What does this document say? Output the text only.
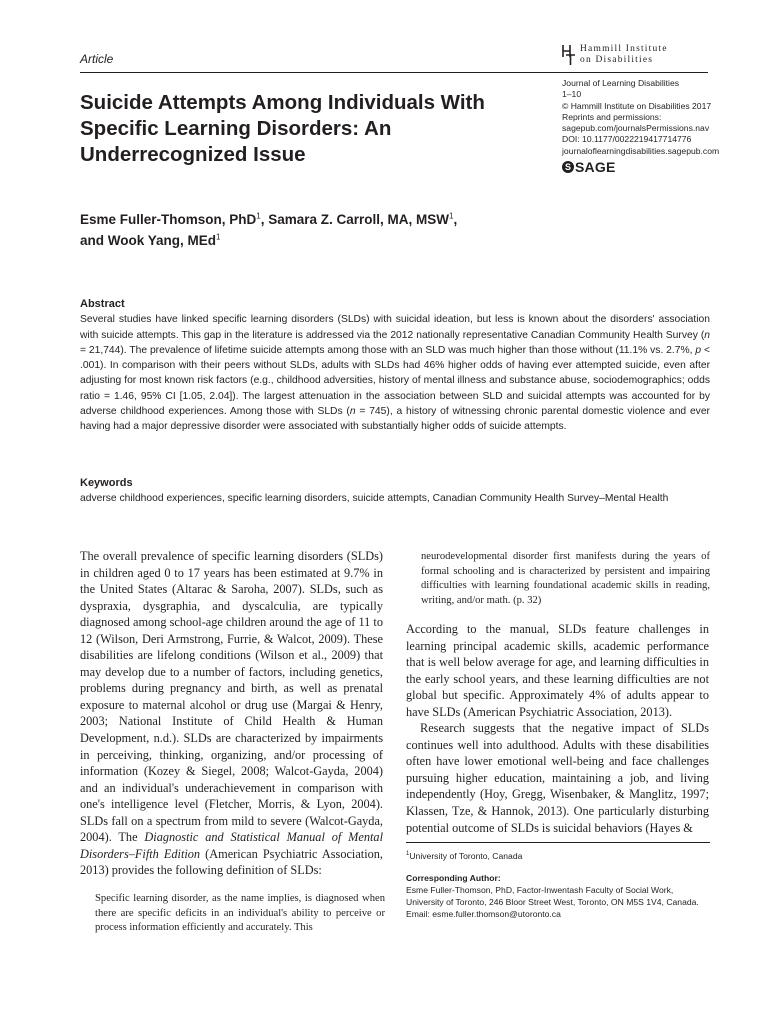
Article
Hammill Institute
on Disabilities
Journal of Learning Disabilities
1–10
© Hammill Institute on Disabilities 2017
Reprints and permissions:
sagepub.com/journalsPermissions.nav
DOI: 10.1177/0022219417714776
journaloflearningdisabilities.sagepub.com
S SAGE
Suicide Attempts Among Individuals With Specific Learning Disorders: An Underrecognized Issue
Esme Fuller-Thomson, PhD$^1$, Samara Z. Carroll, MA, MSW$^1$,
and Wook Yang, MEd$^1$
Abstract
Several studies have linked specific learning disorders (SLDs) with suicidal ideation, but less is known about the disorders' association with suicide attempts. This gap in the literature is addressed via the 2012 nationally representative Canadian Community Health Survey (n = 21,744). The prevalence of lifetime suicide attempts among those with an SLD was much higher than those without (11.1% vs. 2.7%, p < .001). In comparison with their peers without SLDs, adults with SLDs had 46% higher odds of having ever attempted suicide, even after adjusting for most known risk factors (e.g., childhood adversities, history of mental illness and substance abuse, sociodemographics; odds ratio = 1.46, 95% CI [1.05, 2.04]). The largest attenuation in the association between SLD and suicidal attempts was accounted for by adverse childhood experiences. Among those with SLDs (n = 745), a history of witnessing chronic parental domestic violence and ever having had a major depressive disorder were associated with substantially higher odds of suicide attempts.
Keywords
adverse childhood experiences, specific learning disorders, suicide attempts, Canadian Community Health Survey–Mental Health

The overall prevalence of specific learning disorders (SLDs) in children aged 0 to 17 years has been estimated at 9.7% in the United States (Altarac & Saroha, 2007). SLDs, such as dyspraxia, dysgraphia, and dyscalculia, are typically diagnosed among school-age children around the age of 11 to 12 (Wilson, Deri Armstrong, Furrie, & Walcot, 2009). These disabilities are lifelong conditions (Wilson et al., 2009) that may develop due to a number of factors, including genetics, problems during pregnancy and birth, as well as prenatal exposure to maternal alcohol or drug use (Margai & Henry, 2003; National Institute of Child Health & Human Development, n.d.). SLDs are characterized by impairments in perceiving, thinking, organizing, and/or processing of information (Kozey & Siegel, 2008; Walcot-Gayda, 2004) and an individual's underachievement in comparison with one's intelligence level (Fletcher, Morris, & Lyon, 2004). SLDs fall on a spectrum from mild to severe (Walcot-Gayda, 2004). The Diagnostic and Statistical Manual of Mental Disorders–Fifth Edition (American Psychiatric Association, 2013) provides the following definition of SLDs:

Specific learning disorder, as the name implies, is diagnosed when there are specific deficits in an individual's ability to perceive or process information efficiently and accurately. This
neurodevelopmental disorder first manifests during the years of formal schooling and is characterized by persistent and impairing difficulties with learning foundational academic skills in reading, writing, and/or math. (p. 32)

According to the manual, SLDs feature challenges in learning principal academic skills, academic performance that is well below average for age, and learning difficulties in the early school years, and these learning difficulties are not global but specific. Approximately 4% of adults appear to have SLDs (American Psychiatric Association, 2013).

Research suggests that the negative impact of SLDs continues well into adulthood. Adults with these disabilities often have lower emotional well-being and face challenges pursuing higher education, maintaining a job, and living independently (Hoy, Gregg, Wisenbaker, & Manglitz, 1997; Klassen, Tze, & Hannok, 2013). One particularly disturbing potential outcome of SLDs is suicidal behaviors (Hayes &

$^1$University of Toronto, Canada
Corresponding Author:
Esme Fuller-Thomson, PhD, Factor-Inwentash Faculty of Social Work, University of Toronto, 246 Bloor Street West, Toronto, ON M5S 1V4, Canada.
Email: esme.fuller.thomson@utoronto.ca
